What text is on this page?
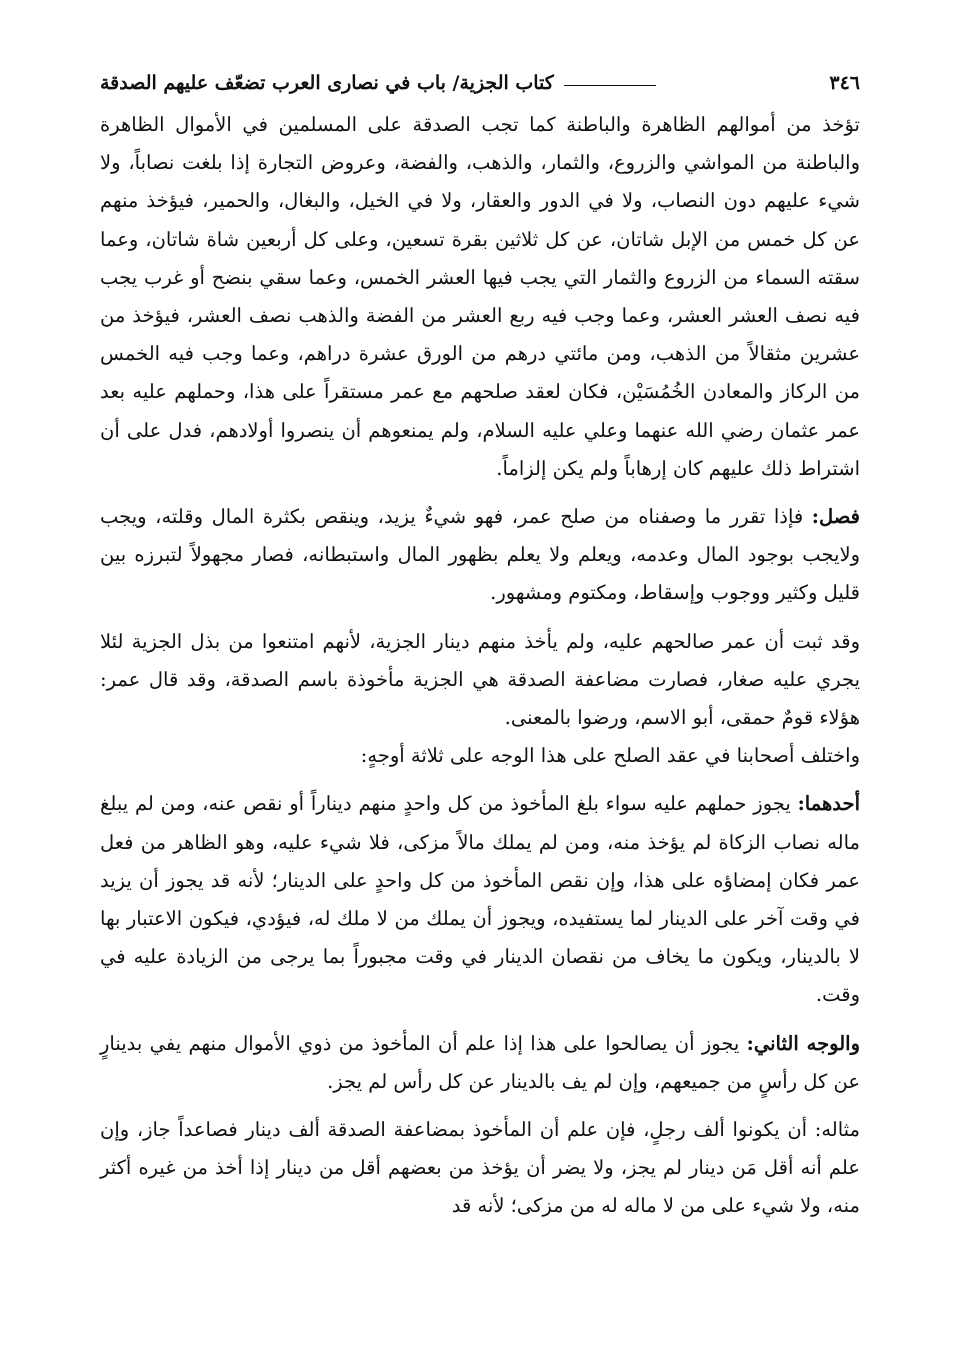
٣٤٦
كتاب الجزية/ باب في نصارى العرب تضعّف عليهم الصدقة

تؤخذ من أموالهم الظاهرة والباطنة كما تجب الصدقة على المسلمين في الأموال الظاهرة والباطنة من المواشي والزروع، والثمار، والذهب، والفضة، وعروض التجارة إذا بلغت نصاباً، ولا شيء عليهم دون النصاب، ولا في الدور والعقار، ولا في الخيل، والبغال، والحمير، فيؤخذ منهم عن كل خمس من الإبل شاتان، عن كل ثلاثين بقرة تسعين، وعلى كل أربعين شاة شاتان، وعما سقته السماء من الزروع والثمار التي يجب فيها العشر الخمس، وعما سقي بنضح أو غرب يجب فيه نصف العشر العشر، وعما وجب فيه ربع العشر من الفضة والذهب نصف العشر، فيؤخذ من عشرين مثقالاً من الذهب، ومن مائتي درهم من الورق عشرة دراهم، وعما وجب فيه الخمس من الركاز والمعادن الخُمُسَيْن، فكان لعقد صلحهم مع عمر مستقراً على هذا، وحملهم عليه بعد عمر عثمان رضي الله عنهما وعلي عليه السلام، ولم يمنعوهم أن ينصروا أولادهم، فدل على أن اشتراط ذلك عليهم كان إرهاباً ولم يكن إلزاماً.

فصل: فإذا تقرر ما وصفناه من صلح عمر، فهو شيءٌ يزيد، وينقص بكثرة المال وقلته، ويجب ولايجب بوجود المال وعدمه، ويعلم ولا يعلم بظهور المال واستبطانه، فصار مجهولاً لتبرزه بين قليل وكثير ووجوب وإسقاط، ومكتوم ومشهور.

وقد ثبت أن عمر صالحهم عليه، ولم يأخذ منهم دينار الجزية، لأنهم امتنعوا من بذل الجزية لئلا يجري عليه صغار، فصارت مضاعفة الصدقة هي الجزية مأخوذة باسم الصدقة، وقد قال عمر: هؤلاء قومٌ حمقى، أبو الاسم، ورضوا بالمعنى.

واختلف أصحابنا في عقد الصلح على هذا الوجه على ثلاثة أوجهٍ:

أحدهما: يجوز حملهم عليه سواء بلغ المأخوذ من كل واحدٍ منهم ديناراً أو نقص عنه، ومن لم يبلغ ماله نصاب الزكاة لم يؤخذ منه، ومن لم يملك مالاً مزكى، فلا شيء عليه، وهو الظاهر من فعل عمر فكان إمضاؤه على هذا، وإن نقص المأخوذ من كل واحدٍ على الدينار؛ لأنه قد يجوز أن يزيد في وقت آخر على الدينار لما يستفيده، ويجوز أن يملك من لا ملك له، فيؤدي، فيكون الاعتبار بها لا بالدينار، ويكون ما يخاف من نقصان الدينار في وقت مجبوراً بما يرجى من الزيادة عليه في وقت.

والوجه الثاني: يجوز أن يصالحوا على هذا إذا علم أن المأخوذ من ذوي الأموال منهم يفي بدينارٍ عن كل رأسٍ من جميعهم، وإن لم يف بالدينار عن كل رأس لم يجز.

مثاله: أن يكونوا ألف رجلٍ، فإن علم أن المأخوذ بمضاعفة الصدقة ألف دينار فصاعداً جاز، وإن علم أنه أقل مَن دينار لم يجز، ولا يضر أن يؤخذ من بعضهم أقل من دينار إذا أخذ من غيره أكثر منه، ولا شيء على من لا ماله له من مزكى؛ لأنه قد
